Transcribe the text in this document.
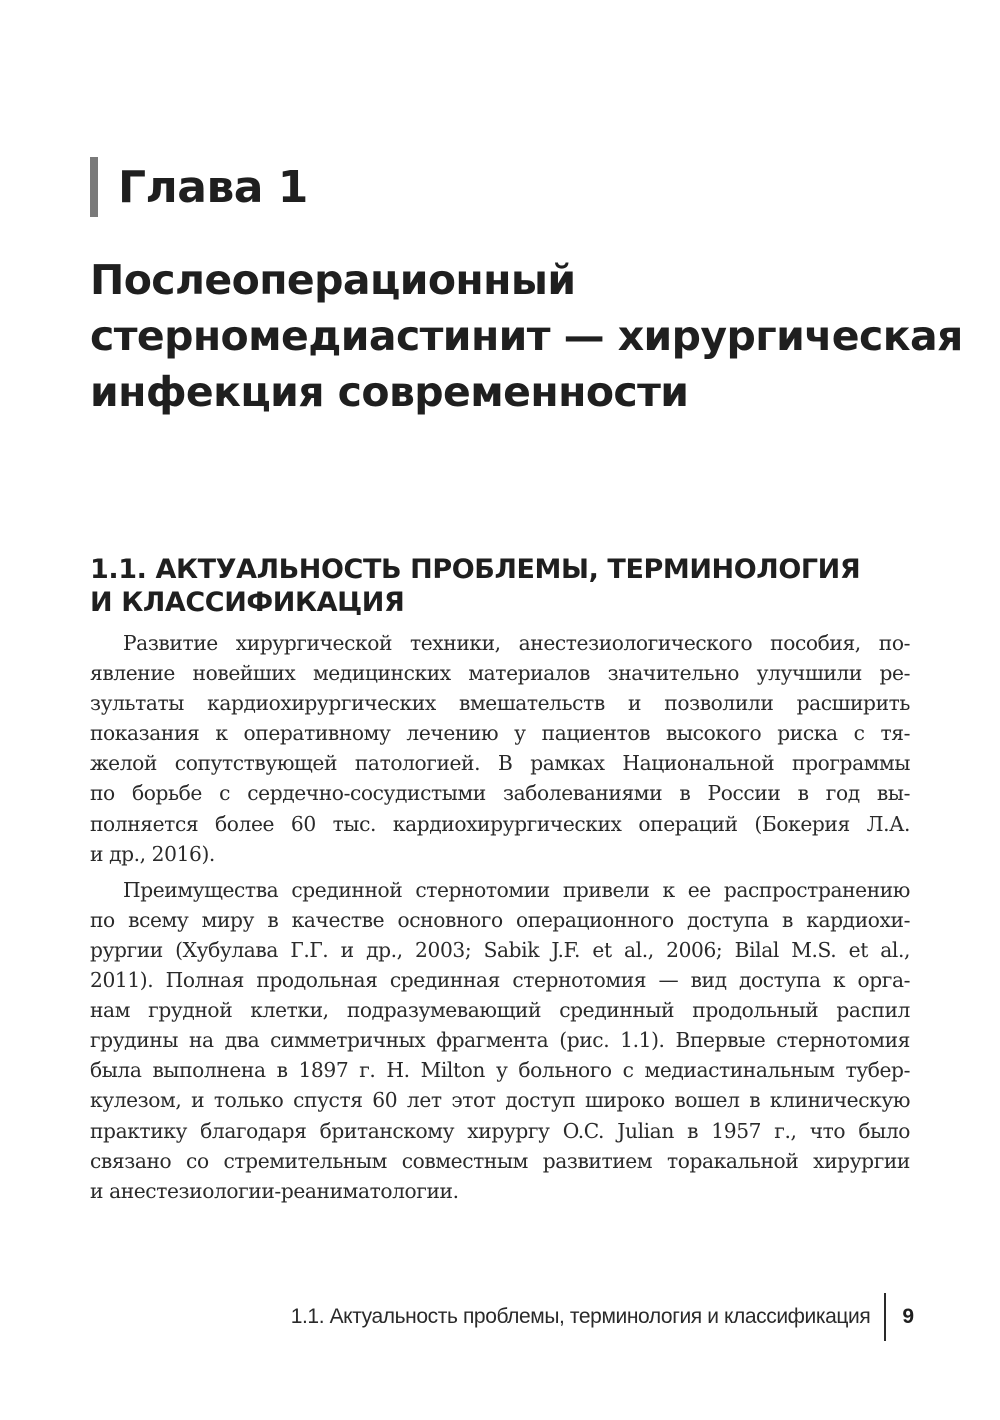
Глава 1
Послеоперационный
стерномедиастинит — хирургическая
инфекция современности
1.1. АКТУАЛЬНОСТЬ ПРОБЛЕМЫ, ТЕРМИНОЛОГИЯ
И КЛАССИФИКАЦИЯ

Развитие хирургической техники, анестезиологического пособия, по-
явление новейших медицинских материалов значительно улучшили ре-
зультаты кардиохирургических вмешательств и позволили расширить
показания к оперативному лечению у пациентов высокого риска с тя-
желой сопутствующей патологией. В рамках Национальной программы
по борьбе с сердечно-сосудистыми заболеваниями в России в год вы-
полняется более 60 тыс. кардиохирургических операций (Бокерия Л.А.
и др., 2016).

Преимущества срединной стернотомии привели к ее распространению
по всему миру в качестве основного операционного доступа в кардиохи-
рургии (Хубулава Г.Г. и др., 2003; Sabik J.F. et al., 2006; Bilal M.S. et al.,
2011). Полная продольная срединная стернотомия — вид доступа к орга-
нам грудной клетки, подразумевающий срединный продольный распил
грудины на два симметричных фрагмента (рис. 1.1). Впервые стернотомия
была выполнена в 1897 г. H. Milton у больного с медиастинальным тубер-
кулезом, и только спустя 60 лет этот доступ широко вошел в клиническую
практику благодаря британскому хирургу O.C. Julian в 1957 г., что было
связано со стремительным совместным развитием торакальной хирургии
и анестезиологии-реаниматологии.

1.1. Актуальность проблемы, терминология и классификация 9
